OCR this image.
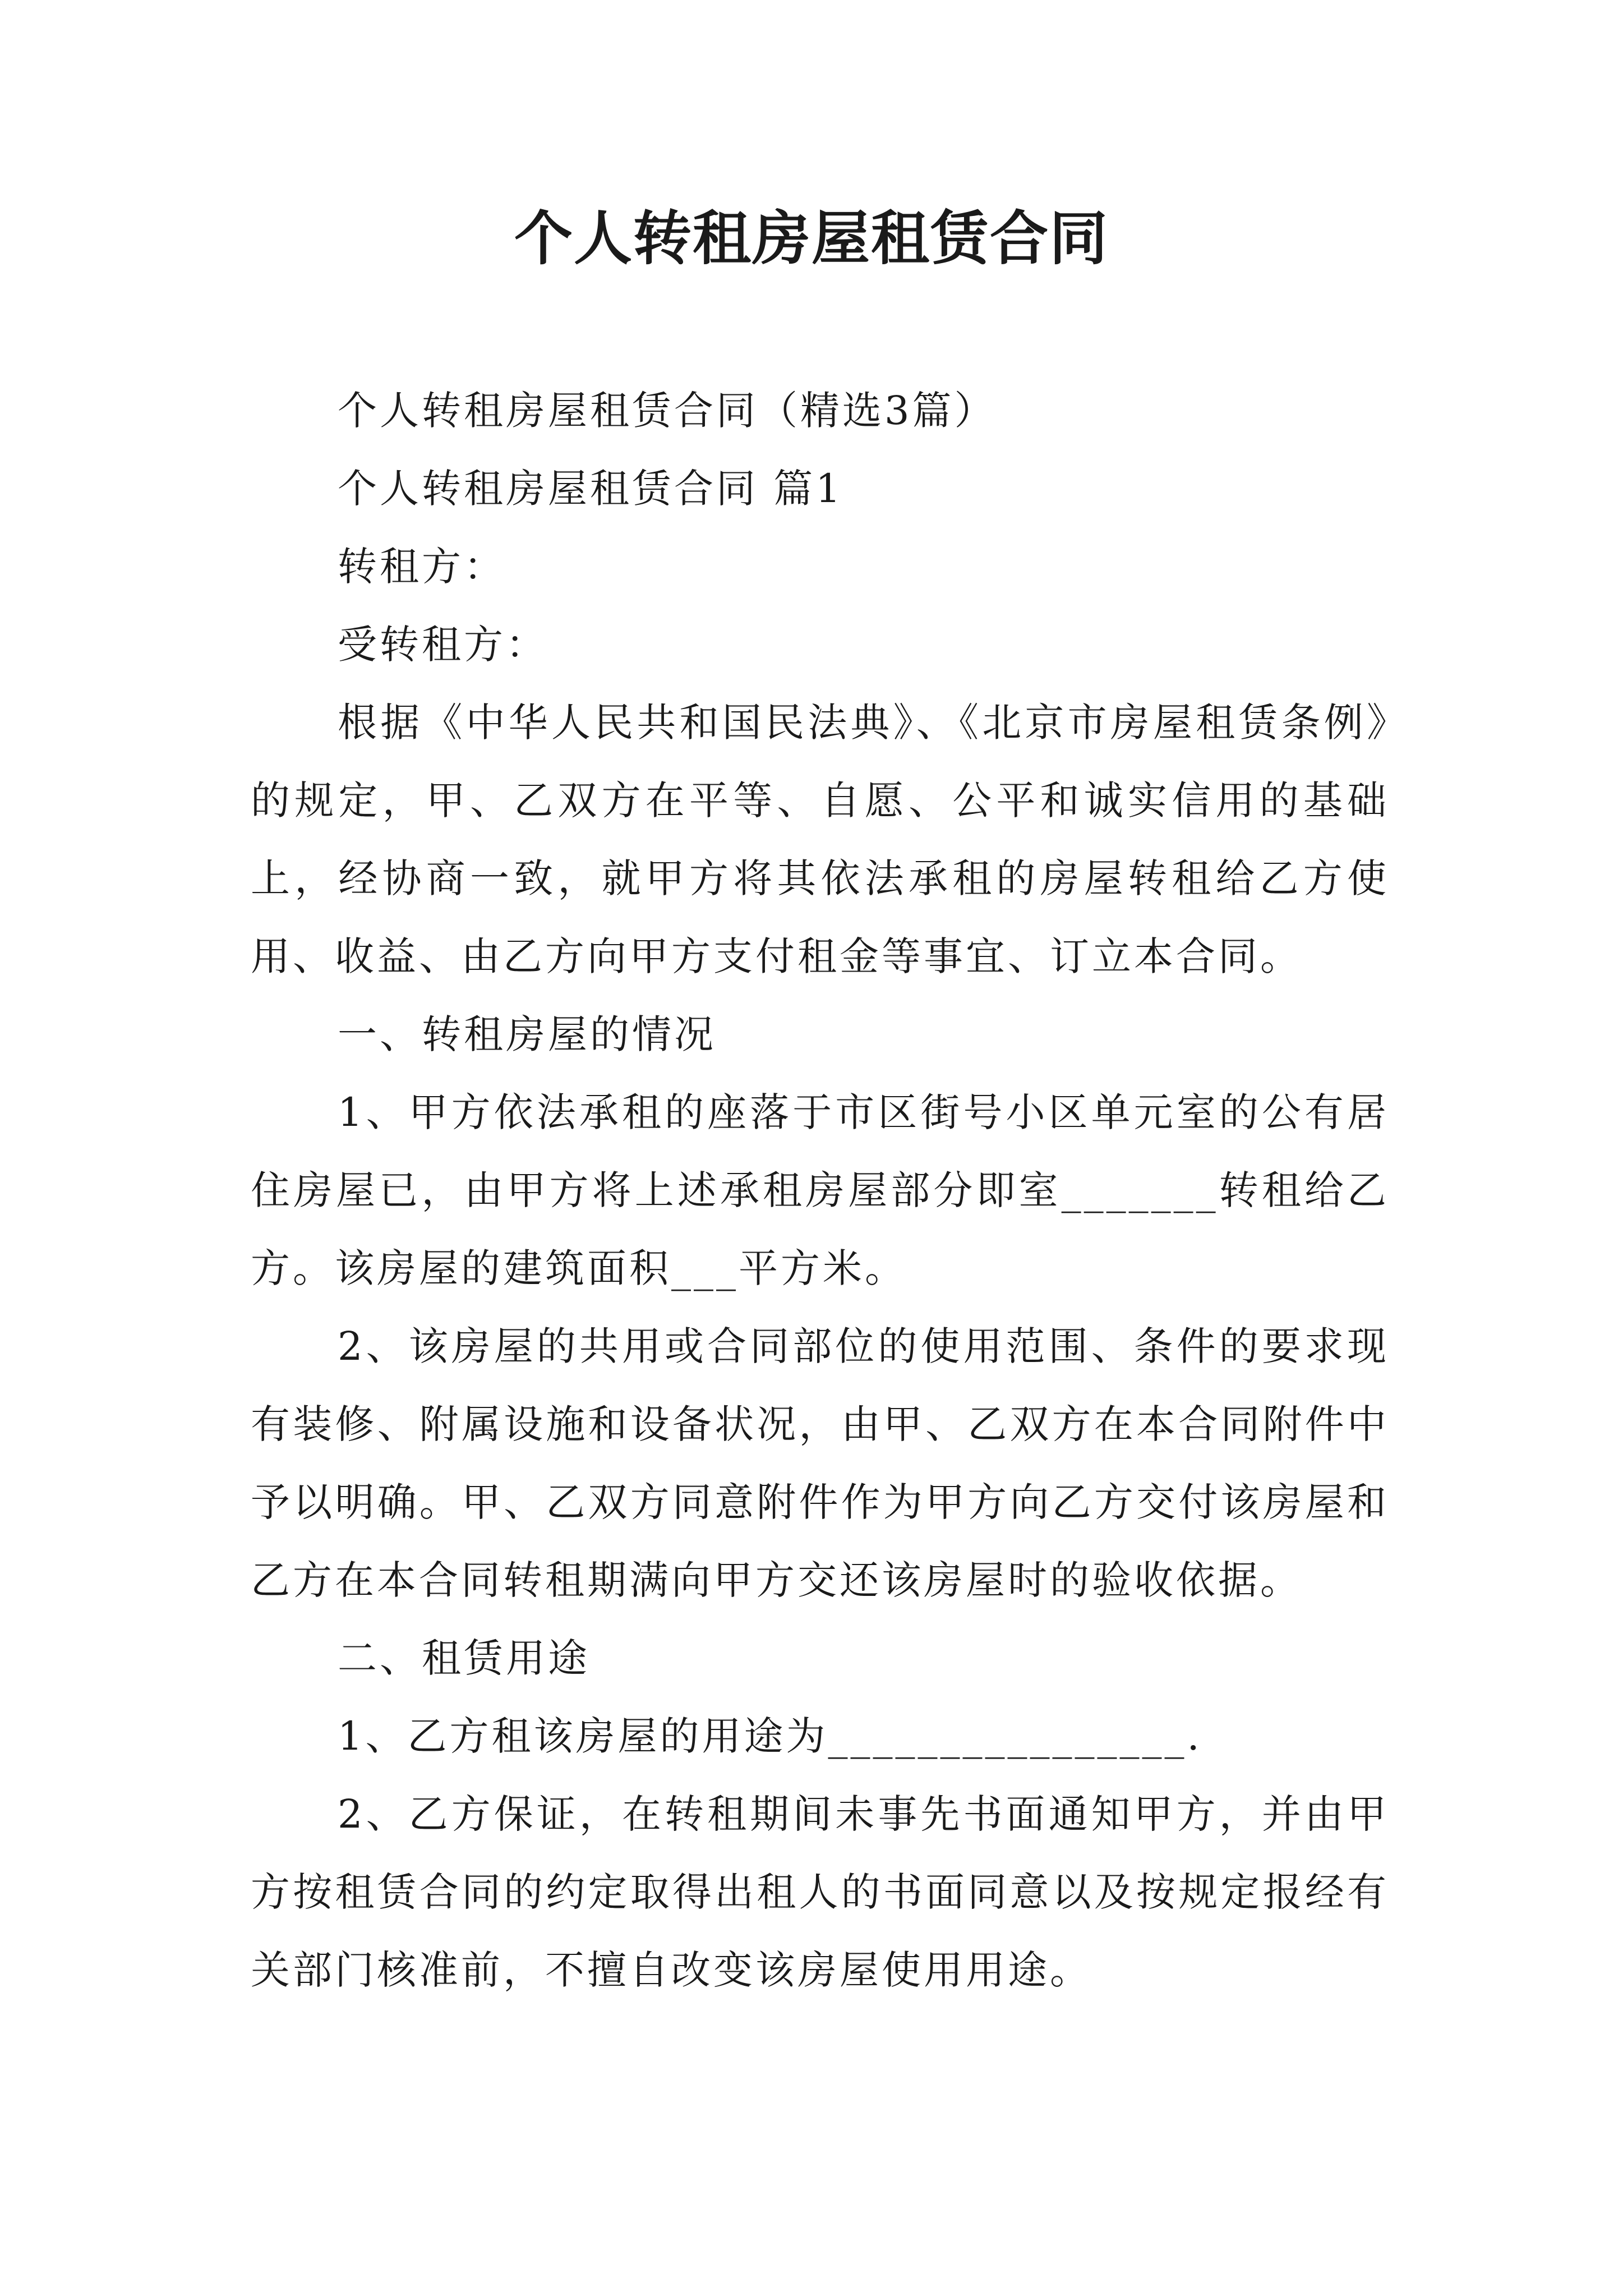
个人转租房屋租赁合同

个人转租房屋租赁合同（精选3篇）

个人转租房屋租赁合同 篇1

转租方：

受转租方：

根据《中华人民共和国民法典》、《北京市房屋租赁条例》的规定，甲、乙双方在平等、自愿、公平和诚实信用的基础上，经协商一致，就甲方将其依法承租的房屋转租给乙方使用、收益、由乙方向甲方支付租金等事宜、订立本合同。

一、转租房屋的情况

1、甲方依法承租的座落于市区街号小区单元室的公有居住房屋已，由甲方将上述承租房屋部分即室_______转租给乙方。该房屋的建筑面积___平方米。

2、该房屋的共用或合同部位的使用范围、条件的要求现有装修、附属设施和设备状况，由甲、乙双方在本合同附件中予以明确。甲、乙双方同意附件作为甲方向乙方交付该房屋和乙方在本合同转租期满向甲方交还该房屋时的验收依据。

二、租赁用途

1、乙方租该房屋的用途为________________.

2、乙方保证，在转租期间未事先书面通知甲方，并由甲方按租赁合同的约定取得出租人的书面同意以及按规定报经有关部门核准前，不擅自改变该房屋使用用途。
